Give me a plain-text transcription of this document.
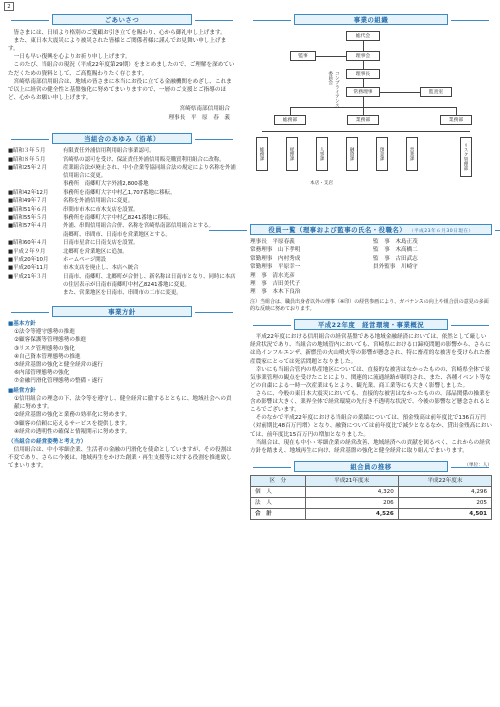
2
ごあいさつ

皆さまには、日頃より格別のご愛顧お引き立てを賜わり、心から御礼申し上げます。

また、東日本大震災により被災された皆様とご関係者様に謹んでお見舞い申し上げます。

一日も早い復興を心よりお祈り申し上げます。

このたび、当組合の現況（平成22年度第29期）をまとめましたので、ご理解を深めていただくための資料として、ご高覧賜わりたく存じます。

宮崎県南部信用組合は、地域の皆さまに本当にお役に立てる金融機関をめざし、これまで以上に経営の健全性と基盤強化に努めてまいりますので、一層のご支援とご指導のほど、心からお願い申し上げます。

宮崎県南部信用組合
理事長　平　原　春　義
当組合のあゆみ（沿革）
■昭和３年５月	有限責任外浦信用利用組合事業認可。
■昭和８年５月	宮崎県の認可を受け、保証責任外浦信用販売購買利用組合に改称。
■昭和25年２月	産業組合法が廃止され、中小企業等協同組合法の規定により名称を外浦信用組合に変更。
	事務所　南郷町大字外浦2,800番地
■昭和42年12月	事務所を南郷町大字中村乙1,707番地に移転。
■昭和49年７月	名称を外浦信用組合に変更。
■昭和51年６月	串間市市木に市木支店を設置。
■昭和55年５月	事務所を南郷町大字中村乙8241番地に移転。
■昭和57年４月	外浦、串間信用組合合併、名称を宮崎県南部信用組合とする。
	南郷町、串間市、日南市を営業地区とする。
■昭和60年４月	日南市星倉に日南支店を設置。
■平成２年９月	北郷町を営業地区に追加。
■平成20年10月	ホームページ開設
■平成20年11月	市木支店を廃止し、本店へ統合
■平成21年３月	日南市、南郷町、北郷町が合併し、新名称は日南市となり、同時に本店の住居表示が日南市南郷町中村乙8241番地に変更。
	また、営業地区を日南市、串間市の二市に変更。
事業方針
■基本方針
①法令等遵守態勢の推進
②顧客保護等管理態勢の推進
③リスク管理態勢の強化
④自己資本管理態勢の推進
⑤経営基盤の強化と健全経営の遂行
⑥内部管理態勢の強化
⑦金融円滑化管理態勢の整備・遂行
■経営方針
①信用組合の理念の下、法令等を遵守し、健全経営に徹するとともに、地域社会への貢献に努めます。
②経営基盤の強化と業務の効率化に努めます。
③顧客の信頼に応えるサービスを提供します。
④経営の透明性の確保と情報開示に努めます。
（当組合の経営姿勢と考え方）

信用組合は、中小零細企業、生活者の金融の円滑化を使命としていますが、その役割は不変であり、さらに今後は、地域再生をかけた創業・再生支援等に対する役割を推進致してまいります。

事業の組織
総代会
監事	理事会
理事長
常務理事	監査室
コンプライアンス委員会
総務部	業務部	業務部
総務課	経理課	人事課	融資課	預金課	営業課	リスク管理部
本店・支店
役員一覧（理事および監事の氏名・役職名） （平成23年６月30日現在）
理事長　平原春義	監　事　木島正茂
常務理事　山下孝明	監　事　木高橋二
常勤理事　内村秀成	監　事　古田武志
常勤理事　平原幸一	員外監事　川崎守
理　事　清水光彦
理　事　吉田美代子
理　事　本木下良治

注）当組合は、職員出身者以外の理事（※印）の経営参画により、ガバナンスの向上や組合員の意見の多面的な反映に努めております。

平成22年度　経営環境・事業概況

平成22年度における信用組合の経営基盤である地域金融経済においては、依然として厳しい経営状況であり、当組合の地域管内においても、宮崎県における口蹄疫問題の影響から、さらには鳥インフルエンザ、新燃岳の火山噴火等の影響が懸念され、特に畜産的な被害を受けられた畜産農家にとっては死活問題となりました。

幸いにも当組合管内の県産地区については、直接的な被害はなかったものの、宮崎県全体で景気事業管理の観点を受けたことにより、関連的に流通経路が制約され、また、各種イベント等などの自粛による一時一次産業はもとより、観光業、商工業等にも大きく影響しました。

さらに、今般の東日本大震災においても、直接的な被害はなかったものの、部品関係の操業を含め影響は大きく、業界全体で経営環境の先行き不透明な状況で、今後の影響など懸念されるところでございます。

そのなかで平成22年度における当組合の業績については、預金残高は前年度比で136百万円（対前期比48百万円増）となり、融資については前年度比で減少となるなか、貸出金残高においては、前年度比15百万円の増加となりました。

当組合は、現在も中小・零細企業の経営改善、地域経済への貢献を図るべく、これからの経営方針を踏まえ、地域再生に向け、経営基盤の強化と健全経営に取り組んでまいります。

組合員の推移	（単位：人）
区　分	平成21年度末	平成22年度末
個　人	4,320	4,296
法　人	206	205
合　計	4,526	4,501
